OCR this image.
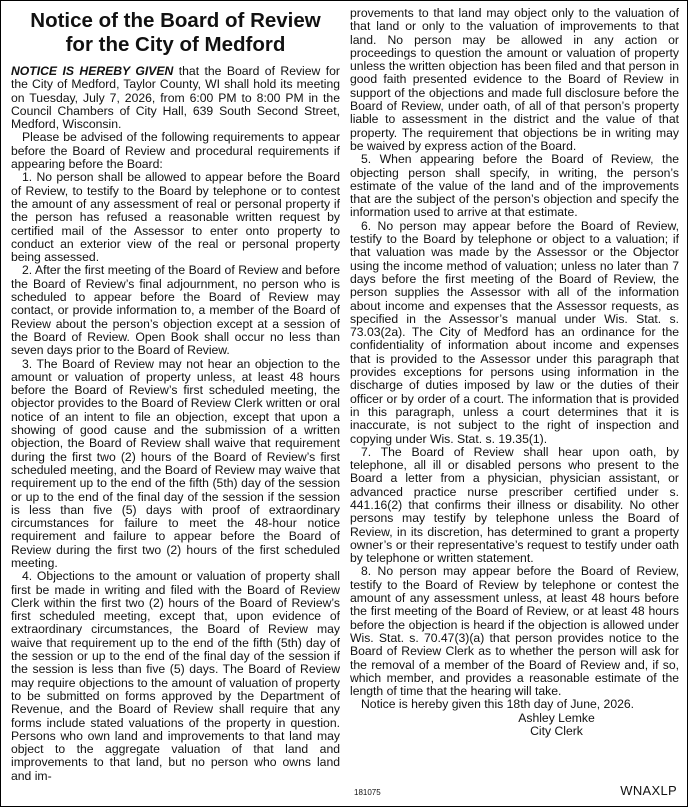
Notice of the Board of Review
for the City of Medford

NOTICE IS HEREBY GIVEN that the Board of Review for the City of Medford, Taylor County, WI shall hold its meeting on Tuesday, July 7, 2026, from 6:00 PM to 8:00 PM in the Council Chambers of City Hall, 639 South Second Street, Medford, Wisconsin.

Please be advised of the following requirements to appear before the Board of Review and procedural requirements if appearing before the Board:

1. No person shall be allowed to appear before the Board of Review, to testify to the Board by telephone or to contest the amount of any assessment of real or personal property if the person has refused a reasonable written request by certified mail of the Assessor to enter onto property to conduct an exterior view of the real or personal property being assessed.

2. After the first meeting of the Board of Review and before the Board of Review’s final adjournment, no person who is scheduled to appear before the Board of Review may contact, or provide information to, a member of the Board of Review about the person’s objection except at a session of the Board of Review. Open Book shall occur no less than seven days prior to the Board of Review.

3. The Board of Review may not hear an objection to the amount or valuation of property unless, at least 48 hours before the Board of Review’s first scheduled meeting, the objector provides to the Board of Review Clerk written or oral notice of an intent to file an objection, except that upon a showing of good cause and the submission of a written objection, the Board of Review shall waive that requirement during the first two (2) hours of the Board of Review’s first scheduled meeting, and the Board of Review may waive that requirement up to the end of the fifth (5th) day of the session or up to the end of the final day of the session if the session is less than five (5) days with proof of extraordinary circumstances for failure to meet the 48-hour notice requirement and failure to appear before the Board of Review during the first two (2) hours of the first scheduled meeting.

4. Objections to the amount or valuation of property shall first be made in writing and filed with the Board of Review Clerk within the first two (2) hours of the Board of Review’s first scheduled meeting, except that, upon evidence of extraordinary circumstances, the Board of Review may waive that requirement up to the end of the fifth (5th) day of the session or up to the end of the final day of the session if the session is less than five (5) days. The Board of Review may require objections to the amount of valuation of property to be submitted on forms approved by the Department of Revenue, and the Board of Review shall require that any forms include stated valuations of the property in question. Persons who own land and improvements to that land may object to the aggregate valuation of that land and improvements to that land, but no person who owns land and im-

provements to that land may object only to the valuation of that land or only to the valuation of improvements to that land. No person may be allowed in any action or proceedings to question the amount or valuation of property unless the written objection has been filed and that person in good faith presented evidence to the Board of Review in support of the objections and made full disclosure before the Board of Review, under oath, of all of that person’s property liable to assessment in the district and the value of that property. The requirement that objections be in writing may be waived by express action of the Board.

5. When appearing before the Board of Review, the objecting person shall specify, in writing, the person’s estimate of the value of the land and of the improvements that are the subject of the person’s objection and specify the information used to arrive at that estimate.

6. No person may appear before the Board of Review, testify to the Board by telephone or object to a valuation; if that valuation was made by the Assessor or the Objector using the income method of valuation; unless no later than 7 days before the first meeting of the Board of Review, the person supplies the Assessor with all of the information about income and expenses that the Assessor requests, as specified in the Assessor’s manual under Wis. Stat. s. 73.03(2a). The City of Medford has an ordinance for the confidentiality of information about income and expenses that is provided to the Assessor under this paragraph that provides exceptions for persons using information in the discharge of duties imposed by law or the duties of their officer or by order of a court. The information that is provided in this paragraph, unless a court determines that it is inaccurate, is not subject to the right of inspection and copying under Wis. Stat. s. 19.35(1).

7. The Board of Review shall hear upon oath, by telephone, all ill or disabled persons who present to the Board a letter from a physician, physician assistant, or advanced practice nurse prescriber certified under s. 441.16(2) that confirms their illness or disability. No other persons may testify by telephone unless the Board of Review, in its discretion, has determined to grant a property owner’s or their representative’s request to testify under oath by telephone or written statement.

8. No person may appear before the Board of Review, testify to the Board of Review by telephone or contest the amount of any assessment unless, at least 48 hours before the first meeting of the Board of Review, or at least 48 hours before the objection is heard if the objection is allowed under Wis. Stat. s. 70.47(3)(a) that person provides notice to the Board of Review Clerk as to whether the person will ask for the removal of a member of the Board of Review and, if so, which member, and provides a reasonable estimate of the length of time that the hearing will take.

Notice is hereby given this 18th day of June, 2026.

Ashley Lemke

City Clerk

181075	WNAXLP
